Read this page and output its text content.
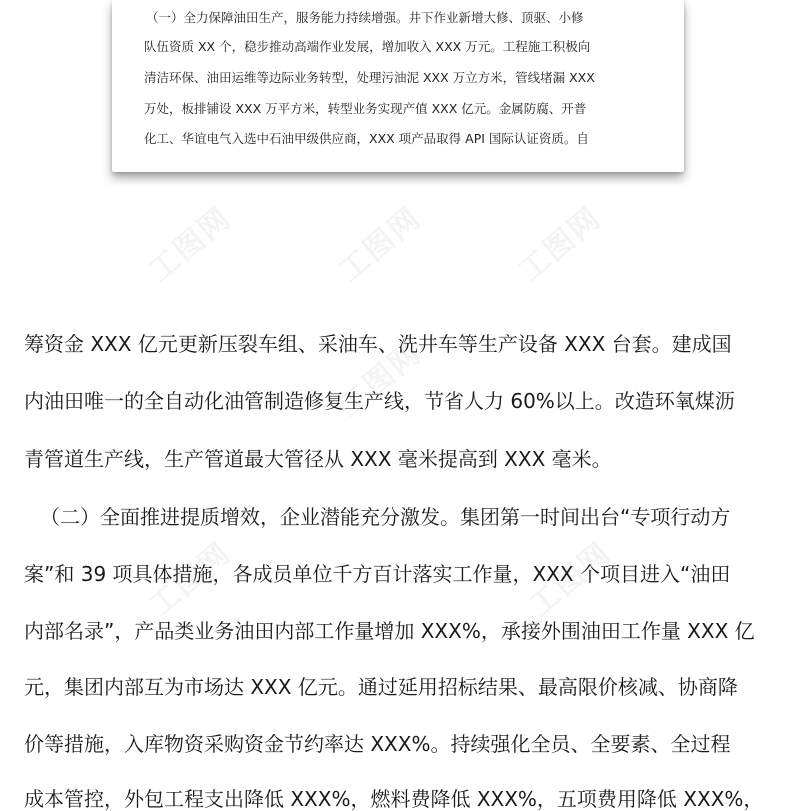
（一）全力保障油田生产，服务能力持续增强。井下作业新增大修、顶驱、小修
队伍资质 XX 个，稳步推动高端作业发展，增加收入 XXX 万元。工程施工积极向
清洁环保、油田运维等边际业务转型，处理污油泥 XXX 万立方米，管线堵漏 XXX
万处，板排铺设 XXX 万平方米，转型业务实现产值 XXX 亿元。金属防腐、开普
化工、华谊电气入选中石油甲级供应商，XXX 项产品取得 API 国际认证资质。自
工图网	工图网	工图网
工图网
工图网	工图网
筹资金 XXX 亿元更新压裂车组、采油车、洗井车等生产设备 XXX 台套。建成国
内油田唯一的全自动化油管制造修复生产线，节省人力 60%以上。改造环氧煤沥
青管道生产线，生产管道最大管径从 XXX 毫米提高到 XXX 毫米。
（二）全面推进提质增效，企业潜能充分激发。集团第一时间出台“专项行动方
案”和 39 项具体措施，各成员单位千方百计落实工作量，XXX 个项目进入“油田
内部名录”，产品类业务油田内部工作量增加 XXX%，承接外围油田工作量 XXX 亿
元，集团内部互为市场达 XXX 亿元。通过延用招标结果、最高限价核减、协商降
价等措施，入库物资采购资金节约率达 XXX%。持续强化全员、全要素、全过程
成本管控，外包工程支出降低 XXX%，燃料费降低 XXX%，五项费用降低 XXX%，
